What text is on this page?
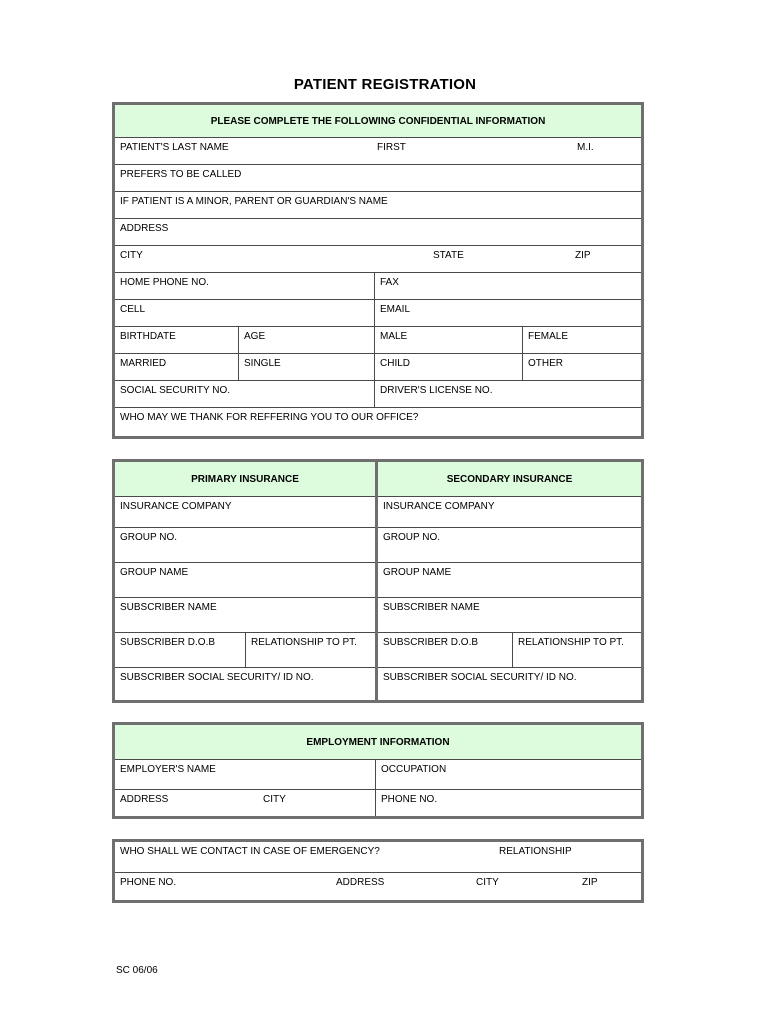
PATIENT REGISTRATION
PLEASE COMPLETE THE FOLLOWING CONFIDENTIAL INFORMATION
PATIENT'S LAST NAME	FIRST	M.I.
PREFERS TO BE CALLED
IF PATIENT IS A MINOR, PARENT OR GUARDIAN'S NAME
ADDRESS
CITY	STATE	ZIP
HOME PHONE NO.	FAX
CELL	EMAIL
BIRTHDATE	AGE	MALE	FEMALE
MARRIED	SINGLE	CHILD	OTHER
SOCIAL SECURITY NO.	DRIVER'S LICENSE NO.
WHO MAY WE THANK FOR REFFERING YOU TO OUR OFFICE?
PRIMARY INSURANCE
INSURANCE COMPANY
GROUP NO.
GROUP NAME
SUBSCRIBER NAME
SUBSCRIBER D.O.B	RELATIONSHIP TO PT.
SUBSCRIBER SOCIAL SECURITY/ ID NO.
SECONDARY INSURANCE
INSURANCE COMPANY
GROUP NO.
GROUP NAME
SUBSCRIBER NAME
SUBSCRIBER D.O.B	RELATIONSHIP TO PT.
SUBSCRIBER SOCIAL SECURITY/ ID NO.
EMPLOYMENT INFORMATION
EMPLOYER'S NAME	OCCUPATION
ADDRESS	CITY	PHONE NO.
WHO SHALL WE CONTACT IN CASE OF EMERGENCY?	RELATIONSHIP
PHONE NO.	ADDRESS	CITY	ZIP
SC 06/06
